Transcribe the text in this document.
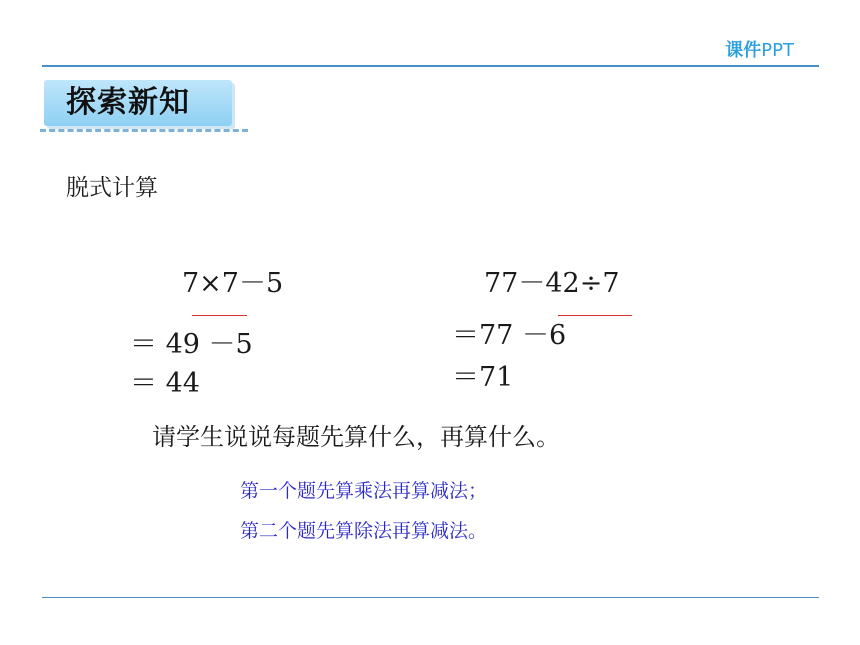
课件PPT
探索新知
脱式计算
7×7－5
＝ 49 －5
＝ 44
77－42÷7
＝77 －6
＝71
请学生说说每题先算什么，再算什么。
第一个题先算乘法再算减法；
第二个题先算除法再算减法。
